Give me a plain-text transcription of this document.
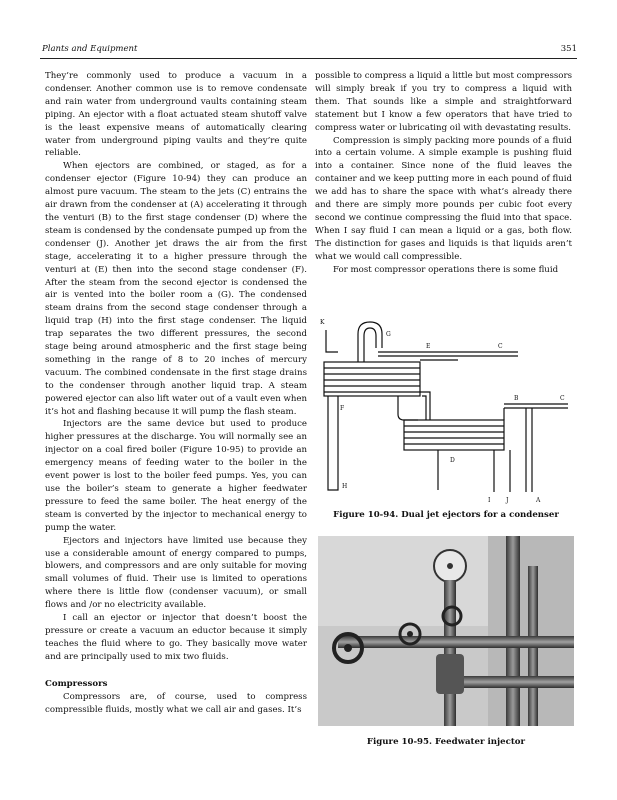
Plants and Equipment	351

They’re commonly used to produce a vacuum in a condenser. Another common use is to remove condensate and rain water from underground vaults containing steam piping. An ejector with a float actuated steam shutoff valve is the least expensive means of automatically clearing water from underground piping vaults and they’re quite reliable.

When ejectors are combined, or staged, as for a condenser ejector (Figure 10-94) they can produce an almost pure vacuum. The steam to the jets (C) entrains the air drawn from the condenser at (A) accelerating it through the venturi (B) to the first stage condenser (D) where the steam is condensed by the condensate pumped up from the condenser (J). Another jet draws the air from the first stage, accelerating it to a higher pressure through the venturi at (E) then into the second stage condenser (F). After the steam from the second ejector is condensed the air is vented into the boiler room a (G). The condensed steam drains from the second stage condenser through a liquid trap (H) into the first stage condenser. The liquid trap separates the two different pressures, the second stage being around atmospheric and the first stage being something in the range of 8 to 20 inches of mercury vacuum. The combined condensate in the first stage drains to the condenser through another liquid trap. A steam powered ejector can also lift water out of a vault even when it’s hot and flashing because it will pump the flash steam.

Injectors are the same device but used to produce higher pressures at the discharge. You will normally see an injector on a coal fired boiler (Figure 10-95) to provide an emergency means of feeding water to the boiler in the event power is lost to the boiler feed pumps. Yes, you can use the boiler’s steam to generate a higher feedwater pressure to feed the same boiler. The heat energy of the steam is converted by the injector to mechanical energy to pump the water.

Ejectors and injectors have limited use because they use a considerable amount of energy compared to pumps, blowers, and compressors and are only suitable for moving small volumes of fluid. Their use is limited to operations where there is little flow (condenser vacuum), or small flows and /or no electricity available.

I call an ejector or injector that doesn’t boost the pressure or create a vacuum an eductor because it simply teaches the fluid where to go. They basically move water and are principally used to mix two fluids.

Compressors

Compressors are, of course, used to compress compressible fluids, mostly what we call air and gases. It’s

possible to compress a liquid a little but most compressors will simply break if you try to compress a liquid with them. That sounds like a simple and straightforward statement but I know a few operators that have tried to compress water or lubricating oil with devastating results.

Compression is simply packing more pounds of a fluid into a certain volume. A simple example is pushing fluid into a container. Since none of the fluid leaves the container and we keep putting more in each pound of fluid we add has to share the space with what’s already there and there are simply more pounds per cubic foot every second we continue compressing the fluid into that space. When I say fluid I can mean a liquid or a gas, both flow. The distinction for gases and liquids is that liquids aren’t what we would call compressible.

For most compressor operations there is some fluid

K
G
E	C
F
B	C
D
H
I	J	A
Figure 10-94. Dual jet ejectors for a condenser
Figure 10-95. Feedwater injector
